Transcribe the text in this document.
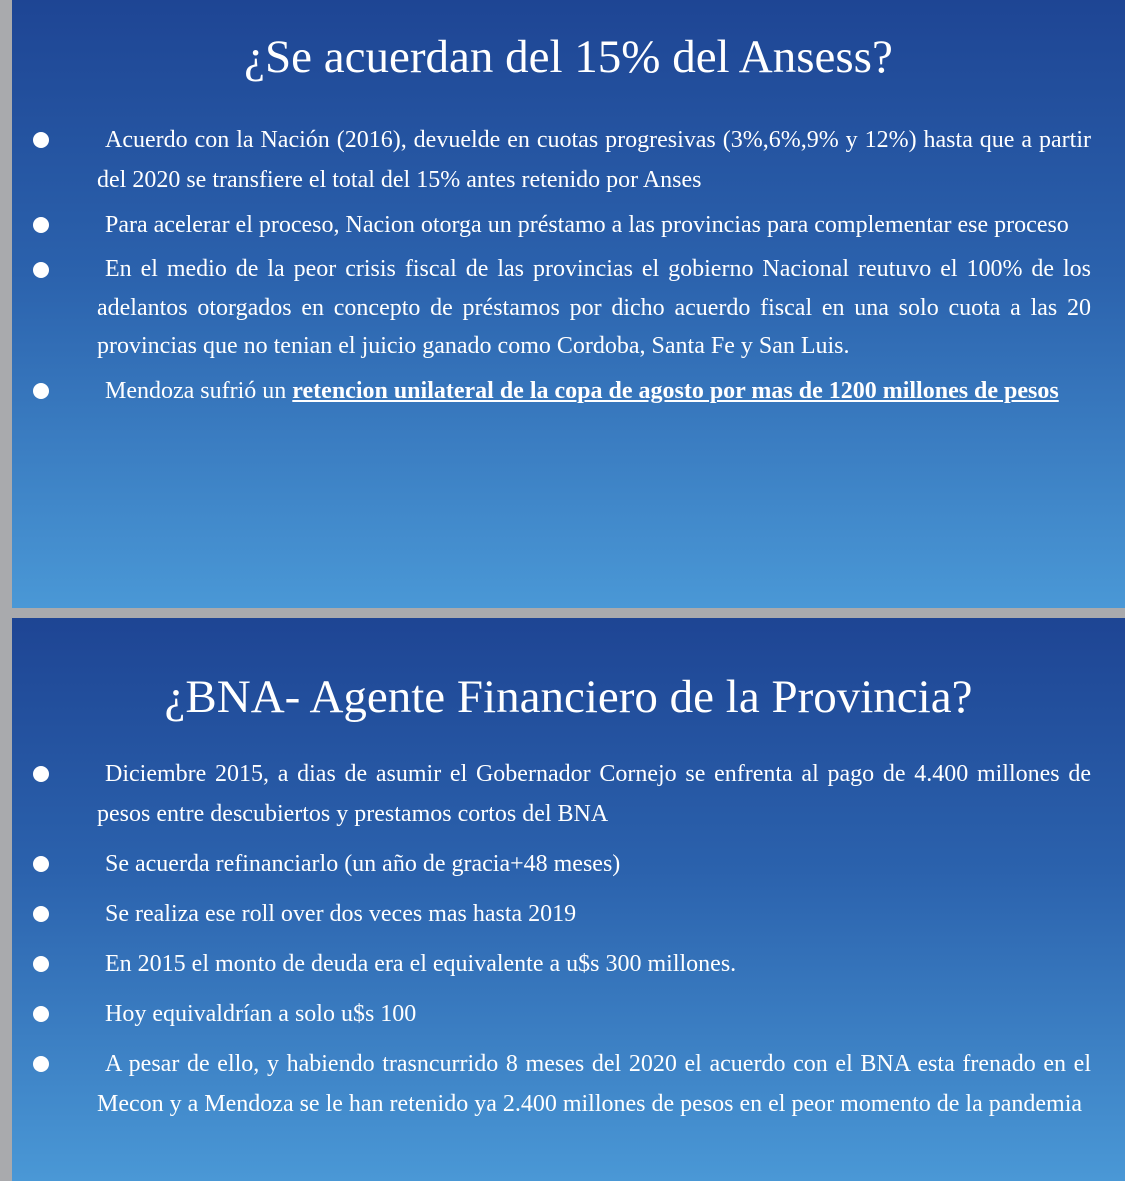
¿Se acuerdan del 15% del Ansess?
Acuerdo con la Nación (2016), devuelde en cuotas progresivas (3%,6%,9% y 12%) hasta que a partir del 2020 se transfiere el total del 15% antes retenido por Anses
Para acelerar el proceso, Nacion otorga un préstamo a las provincias para complementar ese proceso
En el medio de la peor crisis fiscal de las provincias el gobierno Nacional reutuvo el 100% de los adelantos otorgados en concepto de préstamos por dicho acuerdo fiscal en una solo cuota a las 20 provincias que no tenian el juicio ganado como Cordoba, Santa Fe y San Luis.
Mendoza sufrió un retencion unilateral de la copa de agosto por mas de 1200 millones de pesos
¿BNA- Agente Financiero de la Provincia?
Diciembre 2015, a dias de asumir el Gobernador Cornejo se enfrenta al pago de 4.400 millones de pesos entre descubiertos y prestamos cortos del BNA
Se acuerda refinanciarlo (un año de gracia+48 meses)
Se realiza ese roll over dos veces mas hasta 2019
En 2015 el monto de deuda era el equivalente a u$s 300 millones.
Hoy equivaldrían a solo u$s 100
A pesar de ello, y habiendo trasncurrido 8 meses del 2020 el acuerdo con el BNA esta frenado en el Mecon y a Mendoza se le han retenido ya 2.400 millones de pesos en el peor momento de la pandemia
